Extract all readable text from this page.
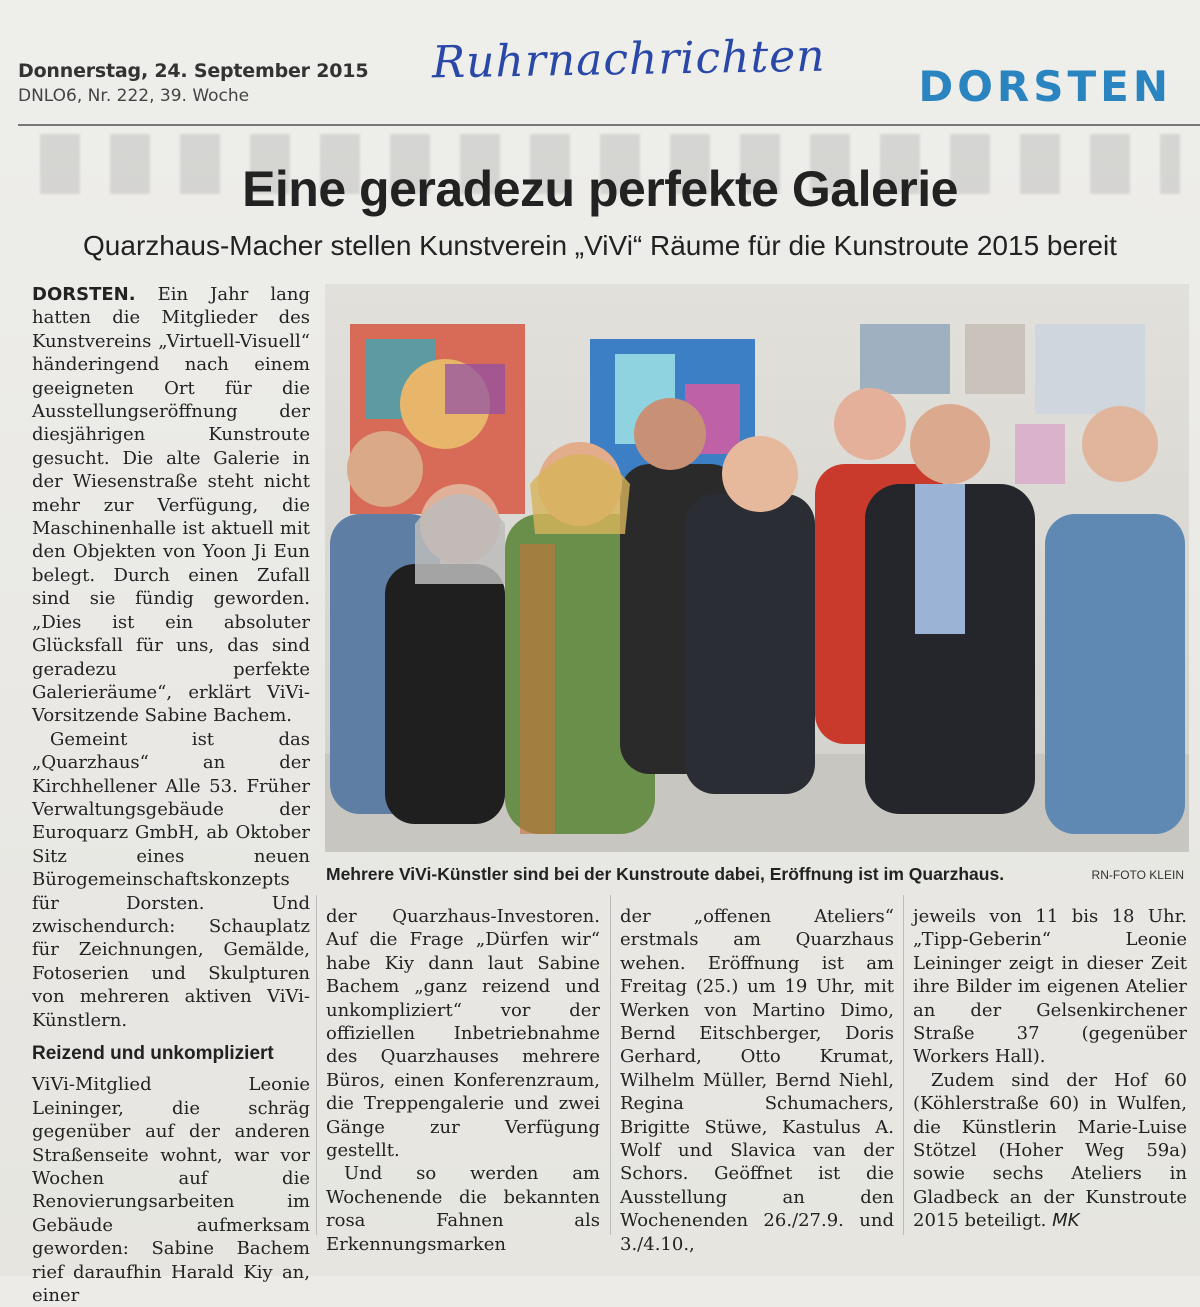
Donnerstag, 24. September 2015
DNLO6, Nr. 222, 39. Woche
Ruhrnachrichten DORSTEN
Eine geradezu perfekte Galerie
Quarzhaus-Macher stellen Kunstverein „ViVi“ Räume für die Kunstroute 2015 bereit

DORSTEN. Ein Jahr lang hatten die Mitglieder des Kunstvereins „Virtuell-Visuell“ händeringend nach einem geeigneten Ort für die Ausstellungseröffnung der diesjährigen Kunstroute gesucht. Die alte Galerie in der Wiesenstraße steht nicht mehr zur Verfügung, die Maschinenhalle ist aktuell mit den Objekten von Yoon Ji Eun belegt. Durch einen Zufall sind sie fündig geworden. „Dies ist ein absoluter Glücksfall für uns, das sind geradezu perfekte Galerieräume“, erklärt ViVi-Vorsitzende Sabine Bachem.

Gemeint ist das „Quarzhaus“ an der Kirchhellener Alle 53. Früher Verwaltungsgebäude der Euroquarz GmbH, ab Oktober Sitz eines neuen Bürogemeinschaftskonzepts für Dorsten. Und zwischendurch: Schauplatz für Zeichnungen, Gemälde, Fotoserien und Skulpturen von mehreren aktiven ViVi-Künstlern.

Reizend und unkompliziert

ViVi-Mitglied Leonie Leininger, die schräg gegenüber auf der anderen Straßenseite wohnt, war vor Wochen auf die Renovierungsarbeiten im Gebäude aufmerksam geworden: Sabine Bachem rief daraufhin Harald Kiy an, einer

Mehrere ViVi-Künstler sind bei der Kunstroute dabei, Eröffnung ist im Quarzhaus.	RN-FOTO KLEIN

der Quarzhaus-Investoren. Auf die Frage „Dürfen wir“ habe Kiy dann laut Sabine Bachem „ganz reizend und unkompliziert“ vor der offiziellen Inbetriebnahme des Quarzhauses mehrere Büros, einen Konferenzraum, die Treppengalerie und zwei Gänge zur Verfügung gestellt.

Und so werden am Wochenende die bekannten rosa Fahnen als Erkennungsmarken

der „offenen Ateliers“ erstmals am Quarzhaus wehen. Eröffnung ist am Freitag (25.) um 19 Uhr, mit Werken von Martino Dimo, Bernd Eitschberger, Doris Gerhard, Otto Krumat, Wilhelm Müller, Bernd Niehl, Regina Schumachers, Brigitte Stüwe, Kastulus A. Wolf und Slavica van der Schors. Geöffnet ist die Ausstellung an den Wochenenden 26./27.9. und 3./4.10.,

jeweils von 11 bis 18 Uhr. „Tipp-Geberin“ Leonie Leininger zeigt in dieser Zeit ihre Bilder im eigenen Atelier an der Gelsenkirchener Straße 37 (gegenüber Workers Hall).

Zudem sind der Hof 60 (Köhlerstraße 60) in Wulfen, die Künstlerin Marie-Luise Stötzel (Hoher Weg 59a) sowie sechs Ateliers in Gladbeck an der Kunstroute 2015 beteiligt. MK
